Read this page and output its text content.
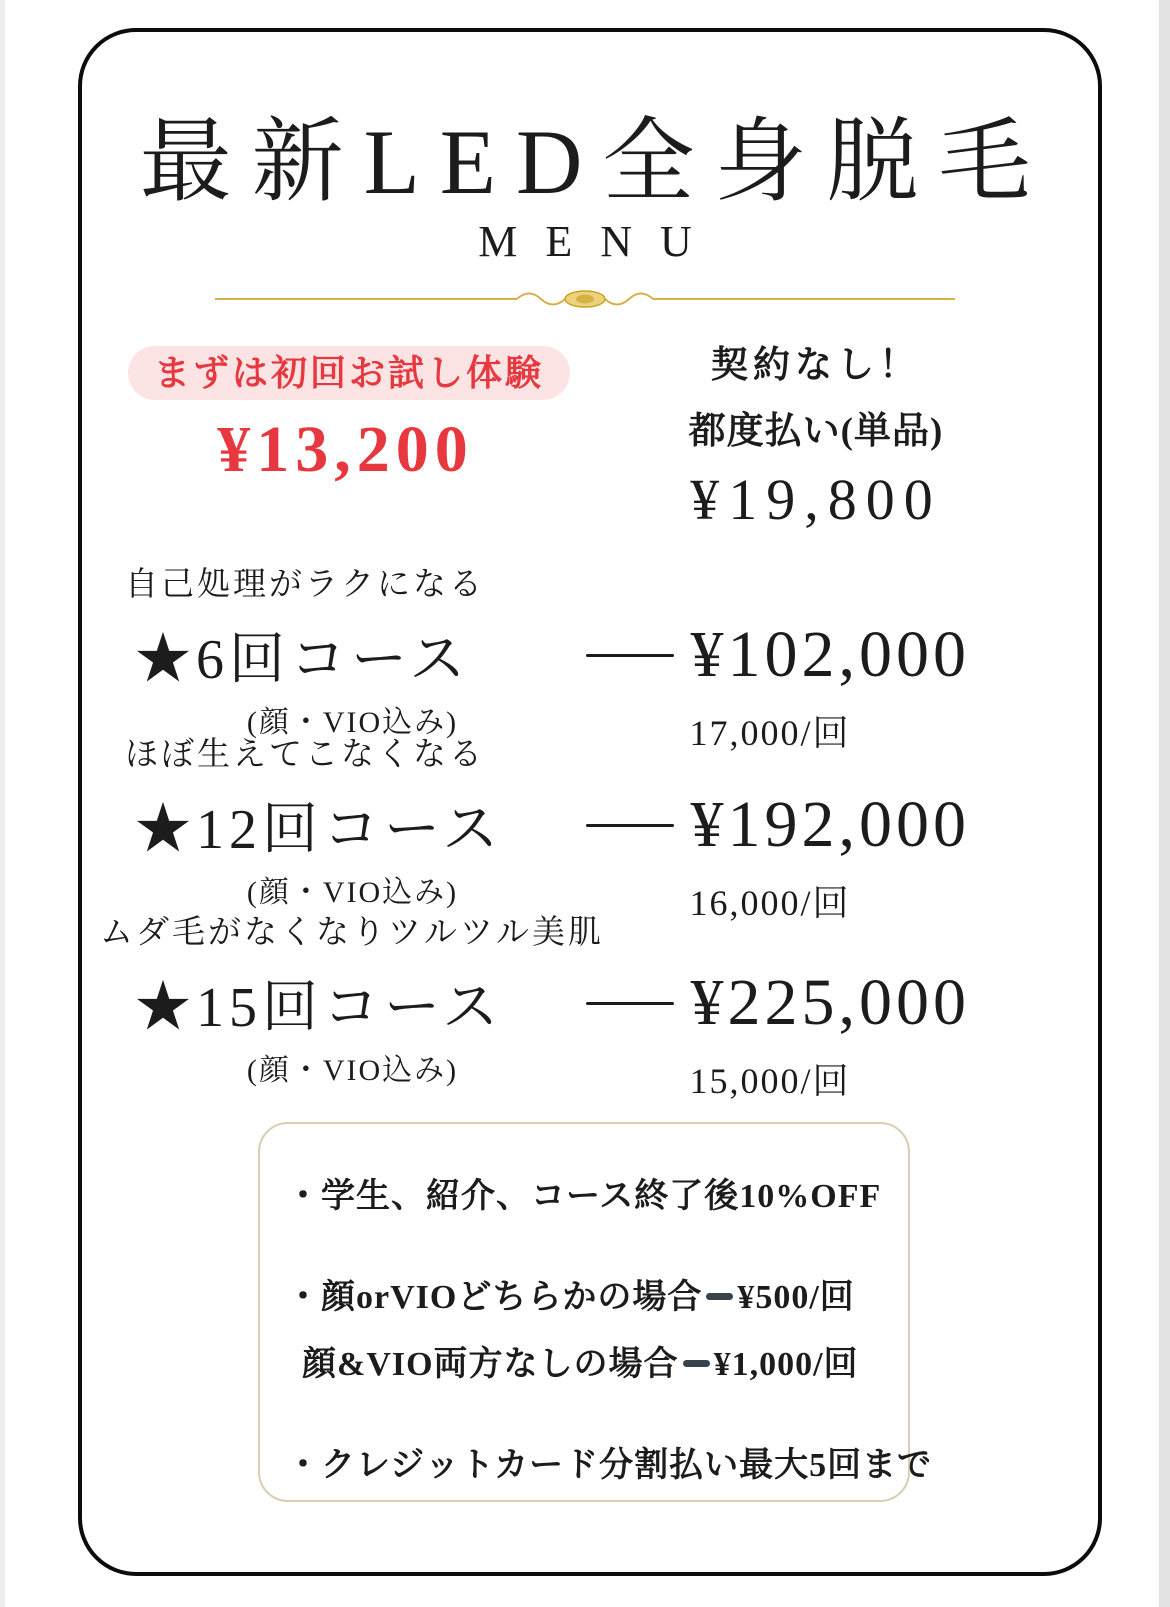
最新LED全身脱毛
MENU
まずは初回お試し体験
¥13,200
契約なし！
都度払い(単品)
¥19,800
自己処理がラクになる
★6回コース	¥102,000
(顔・VIO込み)	17,000/回
ほぼ生えてこなくなる
★12回コース	¥192,000
(顔・VIO込み)	16,000/回
ムダ毛がなくなりツルツル美肌
★15回コース	¥225,000
(顔・VIO込み)	15,000/回
・学生、紹介、コース終了後10%OFF
・顔orVIOどちらかの場合 ¥500/回
顔&VIO両方なしの場合 ¥1,000/回
・クレジットカード分割払い最大5回まで
